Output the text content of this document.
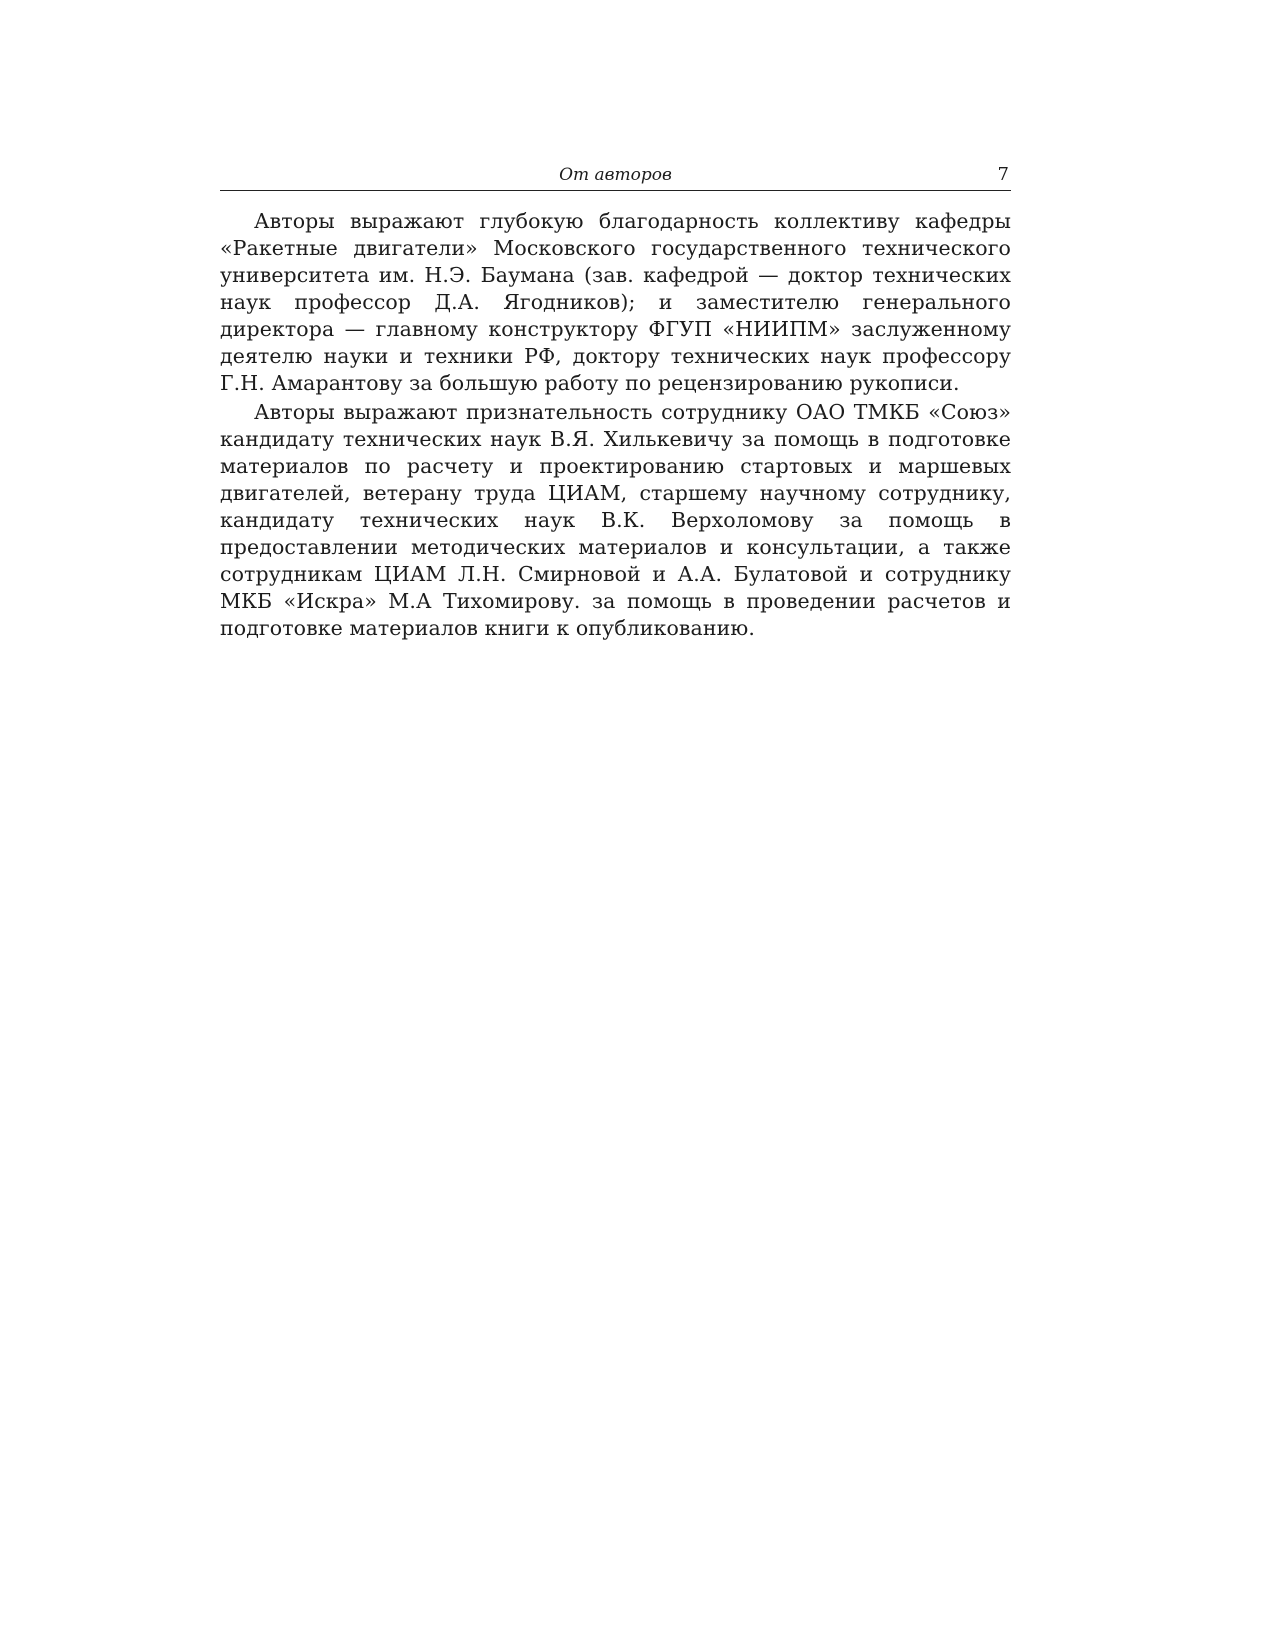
От авторов	7

Авторы выражают глубокую благодарность коллективу кафедры «Ракетные двигатели» Московского государственного технического университета им. Н.Э. Баумана (зав. кафедрой — доктор технических наук профессор Д.А. Ягодников); и заместителю генерального директора — главному конструктору ФГУП «НИИПМ» заслуженному деятелю науки и техники РФ, доктору технических наук профессору Г.Н. Амарантову за большую работу по рецензированию рукописи.

Авторы выражают признательность сотруднику ОАО ТМКБ «Союз» кандидату технических наук В.Я. Хилькевичу за помощь в подготовке материалов по расчету и проектированию стартовых и маршевых двигателей, ветерану труда ЦИАМ, старшему научному сотруднику, кандидату технических наук В.К. Верхоломову за помощь в предоставлении методических материалов и консультации, а также сотрудникам ЦИАМ Л.Н. Смирновой и А.А. Булатовой и сотруднику МКБ «Искра» М.А Тихомирову. за помощь в проведении расчетов и подготовке материалов книги к опубликованию.
